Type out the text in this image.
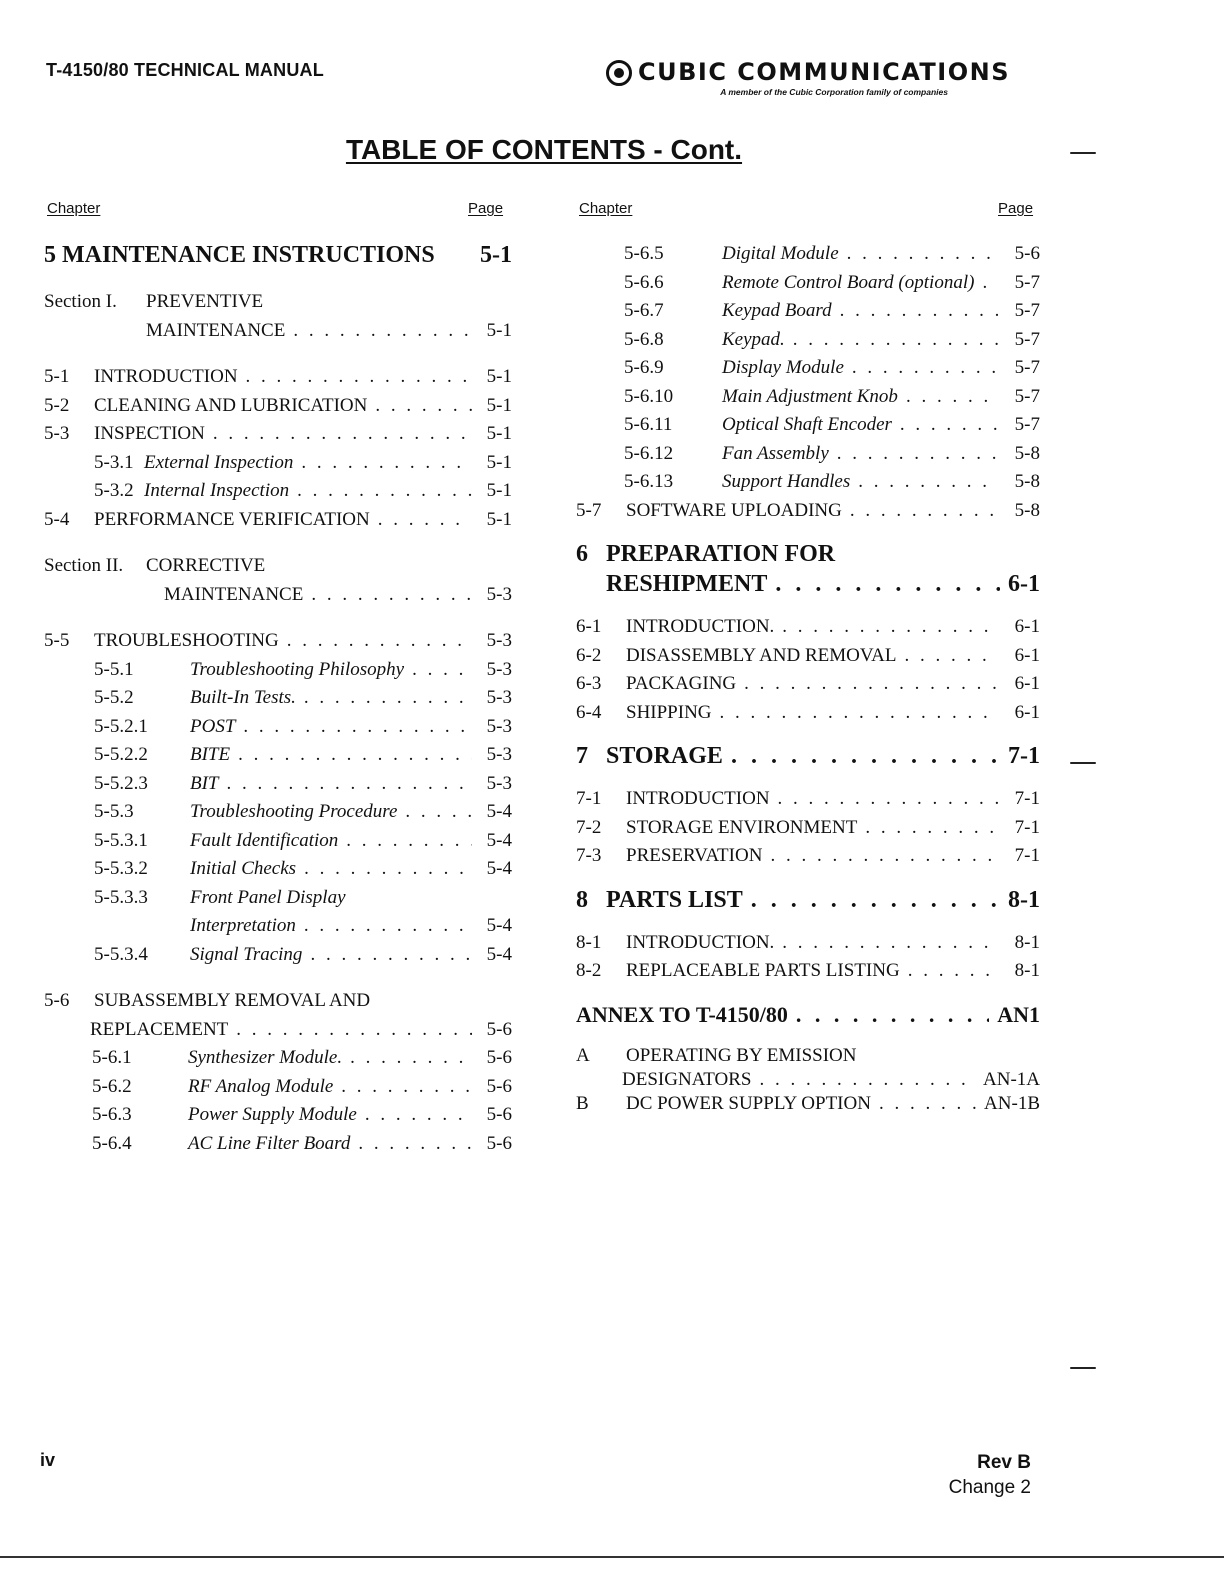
T-4150/80 TECHNICAL MANUAL	CUBIC COMMUNICATIONS
A member of the Cubic Corporation family of companies
TABLE OF CONTENTS - Cont.
Chapter	Page	Chapter	Page
5 MAINTENANCE INSTRUCTIONS 5-1
Section I.	PREVENTIVE
MAINTENANCE . . .	5-1
5-1	INTRODUCTION . . .	5-1
5-2	CLEANING AND LUBRICATION . . .	5-1
5-3	INSPECTION . . .	5-1
5-3.1 External Inspection . . .	5-1
5-3.2 Internal Inspection . . .	5-1
5-4	PERFORMANCE VERIFICATION . . .	5-1
Section II.	CORRECTIVE
MAINTENANCE . . .	5-3
5-5	TROUBLESHOOTING . . .	5-3
5-5.1	Troubleshooting Philosophy . . .	5-3
5-5.2	Built-In Tests. . . .	5-3
5-5.2.1	POST . . .	5-3
5-5.2.2	BITE . . .	5-3
5-5.2.3	BIT . . .	5-3
5-5.3	Troubleshooting Procedure . . .	5-4
5-5.3.1	Fault Identification . . .	5-4
5-5.3.2	Initial Checks . . .	5-4
5-5.3.3	Front Panel Display
Interpretation . . .	5-4
5-5.3.4	Signal Tracing . . .	5-4
5-6	SUBASSEMBLY REMOVAL AND
REPLACEMENT . . .	5-6
5-6.1	Synthesizer Module. . . .	5-6
5-6.2	RF Analog Module . . .	5-6
5-6.3	Power Supply Module . . .	5-6
5-6.4	AC Line Filter Board . . .	5-6
5-6.5	Digital Module . . .	5-6
5-6.6	Remote Control Board (optional) . . .	5-7
5-6.7	Keypad Board . . .	5-7
5-6.8	Keypad. . . .	5-7
5-6.9	Display Module . . .	5-7
5-6.10	Main Adjustment Knob . . .	5-7
5-6.11	Optical Shaft Encoder . . .	5-7
5-6.12	Fan Assembly . . .	5-8
5-6.13	Support Handles . . .	5-8
5-7	SOFTWARE UPLOADING . . .	5-8
6 PREPARATION FOR
RESHIPMENT . . .	6-1
6-1	INTRODUCTION. . . .	6-1
6-2	DISASSEMBLY AND REMOVAL . . .	6-1
6-3	PACKAGING . . .	6-1
6-4	SHIPPING . . .	6-1
7 STORAGE . . .	7-1
7-1	INTRODUCTION . . .	7-1
7-2	STORAGE ENVIRONMENT . . .	7-1
7-3	PRESERVATION . . .	7-1
8 PARTS LIST . . .	8-1
8-1	INTRODUCTION. . . .	8-1
8-2	REPLACEABLE PARTS LISTING . . .	8-1
ANNEX TO T-4150/80 . . .	AN1
A	OPERATING BY EMISSION
DESIGNATORS . . .	AN-1A
B	DC POWER SUPPLY OPTION . . .	AN-1B
iv	Rev B
Change 2
